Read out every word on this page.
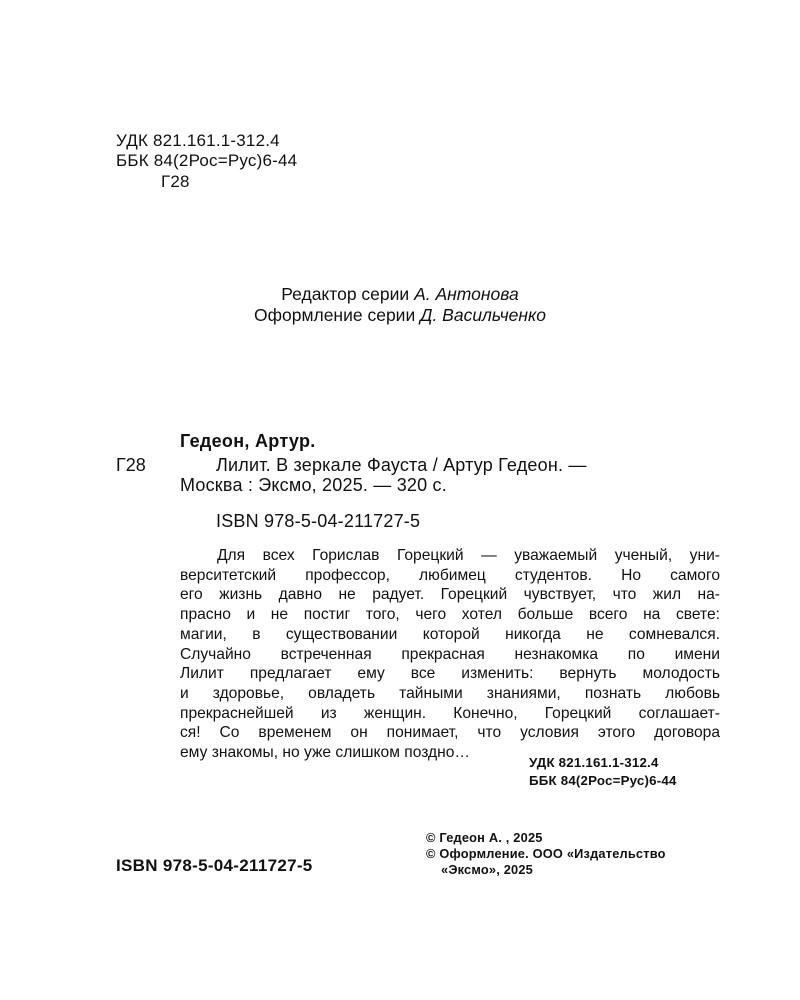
УДК 821.161.1-312.4
ББК 84(2Рос=Рус)6-44
Г28
Редактор серии А. Антонова
Оформление серии Д. Васильченко
Гедеон, Артур.
Г28	Лилит. В зеркале Фауста / Артур Гедеон. —
Москва : Эксмо, 2025. — 320 с.
ISBN 978-5-04-211727-5
Для всех Горислав Горецкий — уважаемый ученый, уни-
верситетский профессор, любимец студентов. Но самого
его жизнь давно не радует. Горецкий чувствует, что жил на-
прасно и не постиг того, чего хотел больше всего на свете:
магии, в существовании которой никогда не сомневался.
Случайно встреченная прекрасная незнакомка по имени
Лилит предлагает ему все изменить: вернуть молодость
и здоровье, овладеть тайными знаниями, познать любовь
прекраснейшей из женщин. Конечно, Горецкий соглашает-
ся! Со временем он понимает, что условия этого договора
ему знакомы, но уже слишком поздно…
УДК 821.161.1-312.4
ББК 84(2Рос=Рус)6-44
ISBN 978-5-04-211727-5
© Гедеон А. , 2025
© Оформление. ООО «Издательство
«Эксмо», 2025
